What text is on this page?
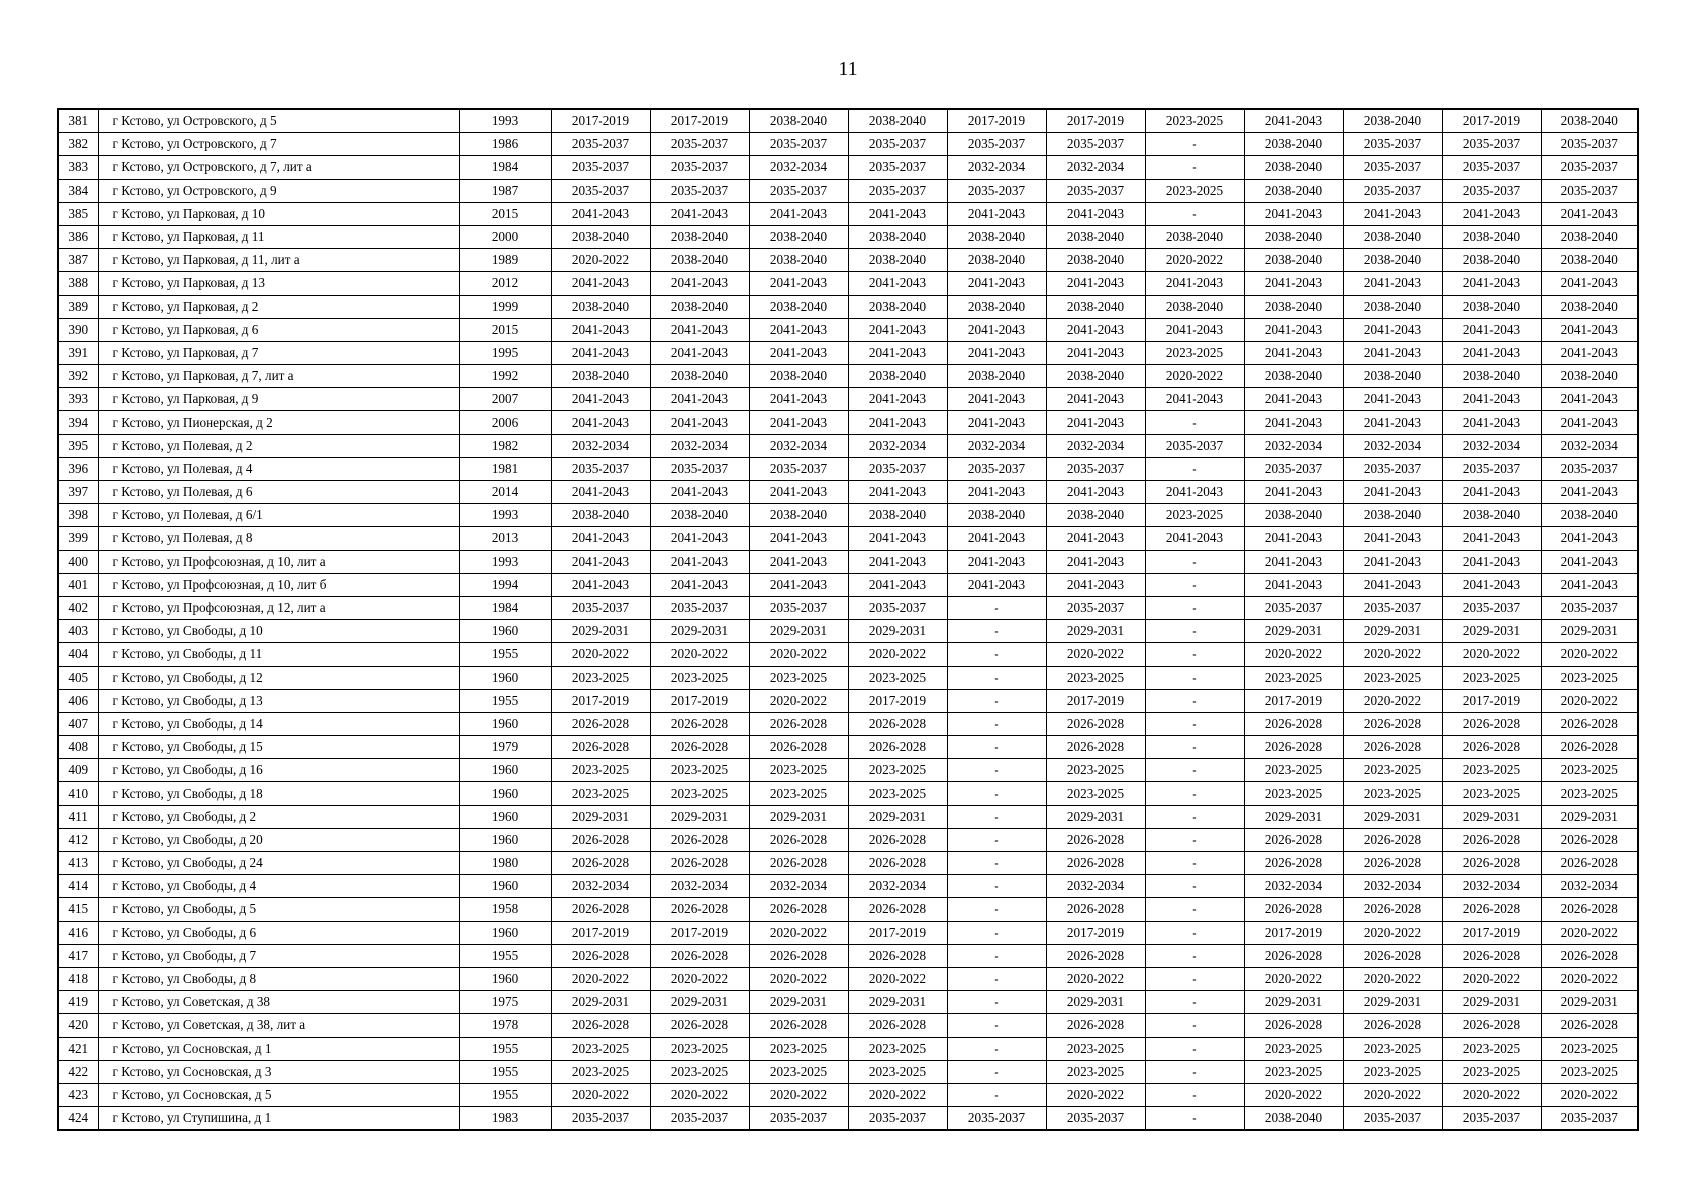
11
381	г Кстово, ул Островского, д 5	1993	2017-2019	2017-2019	2038-2040	2038-2040	2017-2019	2017-2019	2023-2025	2041-2043	2038-2040	2017-2019	2038-2040
382	г Кстово, ул Островского, д 7	1986	2035-2037	2035-2037	2035-2037	2035-2037	2035-2037	2035-2037	-	2038-2040	2035-2037	2035-2037	2035-2037
383	г Кстово, ул Островского, д 7, лит а	1984	2035-2037	2035-2037	2032-2034	2035-2037	2032-2034	2032-2034	-	2038-2040	2035-2037	2035-2037	2035-2037
384	г Кстово, ул Островского, д 9	1987	2035-2037	2035-2037	2035-2037	2035-2037	2035-2037	2035-2037	2023-2025	2038-2040	2035-2037	2035-2037	2035-2037
385	г Кстово, ул Парковая, д 10	2015	2041-2043	2041-2043	2041-2043	2041-2043	2041-2043	2041-2043	-	2041-2043	2041-2043	2041-2043	2041-2043
386	г Кстово, ул Парковая, д 11	2000	2038-2040	2038-2040	2038-2040	2038-2040	2038-2040	2038-2040	2038-2040	2038-2040	2038-2040	2038-2040	2038-2040
387	г Кстово, ул Парковая, д 11, лит а	1989	2020-2022	2038-2040	2038-2040	2038-2040	2038-2040	2038-2040	2020-2022	2038-2040	2038-2040	2038-2040	2038-2040
388	г Кстово, ул Парковая, д 13	2012	2041-2043	2041-2043	2041-2043	2041-2043	2041-2043	2041-2043	2041-2043	2041-2043	2041-2043	2041-2043	2041-2043
389	г Кстово, ул Парковая, д 2	1999	2038-2040	2038-2040	2038-2040	2038-2040	2038-2040	2038-2040	2038-2040	2038-2040	2038-2040	2038-2040	2038-2040
390	г Кстово, ул Парковая, д 6	2015	2041-2043	2041-2043	2041-2043	2041-2043	2041-2043	2041-2043	2041-2043	2041-2043	2041-2043	2041-2043	2041-2043
391	г Кстово, ул Парковая, д 7	1995	2041-2043	2041-2043	2041-2043	2041-2043	2041-2043	2041-2043	2023-2025	2041-2043	2041-2043	2041-2043	2041-2043
392	г Кстово, ул Парковая, д 7, лит а	1992	2038-2040	2038-2040	2038-2040	2038-2040	2038-2040	2038-2040	2020-2022	2038-2040	2038-2040	2038-2040	2038-2040
393	г Кстово, ул Парковая, д 9	2007	2041-2043	2041-2043	2041-2043	2041-2043	2041-2043	2041-2043	2041-2043	2041-2043	2041-2043	2041-2043	2041-2043
394	г Кстово, ул Пионерская, д 2	2006	2041-2043	2041-2043	2041-2043	2041-2043	2041-2043	2041-2043	-	2041-2043	2041-2043	2041-2043	2041-2043
395	г Кстово, ул Полевая, д 2	1982	2032-2034	2032-2034	2032-2034	2032-2034	2032-2034	2032-2034	2035-2037	2032-2034	2032-2034	2032-2034	2032-2034
396	г Кстово, ул Полевая, д 4	1981	2035-2037	2035-2037	2035-2037	2035-2037	2035-2037	2035-2037	-	2035-2037	2035-2037	2035-2037	2035-2037
397	г Кстово, ул Полевая, д 6	2014	2041-2043	2041-2043	2041-2043	2041-2043	2041-2043	2041-2043	2041-2043	2041-2043	2041-2043	2041-2043	2041-2043
398	г Кстово, ул Полевая, д 6/1	1993	2038-2040	2038-2040	2038-2040	2038-2040	2038-2040	2038-2040	2023-2025	2038-2040	2038-2040	2038-2040	2038-2040
399	г Кстово, ул Полевая, д 8	2013	2041-2043	2041-2043	2041-2043	2041-2043	2041-2043	2041-2043	2041-2043	2041-2043	2041-2043	2041-2043	2041-2043
400	г Кстово, ул Профсоюзная, д 10, лит а	1993	2041-2043	2041-2043	2041-2043	2041-2043	2041-2043	2041-2043	-	2041-2043	2041-2043	2041-2043	2041-2043
401	г Кстово, ул Профсоюзная, д 10, лит б	1994	2041-2043	2041-2043	2041-2043	2041-2043	2041-2043	2041-2043	-	2041-2043	2041-2043	2041-2043	2041-2043
402	г Кстово, ул Профсоюзная, д 12, лит а	1984	2035-2037	2035-2037	2035-2037	2035-2037	-	2035-2037	-	2035-2037	2035-2037	2035-2037	2035-2037
403	г Кстово, ул Свободы, д 10	1960	2029-2031	2029-2031	2029-2031	2029-2031	-	2029-2031	-	2029-2031	2029-2031	2029-2031	2029-2031
404	г Кстово, ул Свободы, д 11	1955	2020-2022	2020-2022	2020-2022	2020-2022	-	2020-2022	-	2020-2022	2020-2022	2020-2022	2020-2022
405	г Кстово, ул Свободы, д 12	1960	2023-2025	2023-2025	2023-2025	2023-2025	-	2023-2025	-	2023-2025	2023-2025	2023-2025	2023-2025
406	г Кстово, ул Свободы, д 13	1955	2017-2019	2017-2019	2020-2022	2017-2019	-	2017-2019	-	2017-2019	2020-2022	2017-2019	2020-2022
407	г Кстово, ул Свободы, д 14	1960	2026-2028	2026-2028	2026-2028	2026-2028	-	2026-2028	-	2026-2028	2026-2028	2026-2028	2026-2028
408	г Кстово, ул Свободы, д 15	1979	2026-2028	2026-2028	2026-2028	2026-2028	-	2026-2028	-	2026-2028	2026-2028	2026-2028	2026-2028
409	г Кстово, ул Свободы, д 16	1960	2023-2025	2023-2025	2023-2025	2023-2025	-	2023-2025	-	2023-2025	2023-2025	2023-2025	2023-2025
410	г Кстово, ул Свободы, д 18	1960	2023-2025	2023-2025	2023-2025	2023-2025	-	2023-2025	-	2023-2025	2023-2025	2023-2025	2023-2025
411	г Кстово, ул Свободы, д 2	1960	2029-2031	2029-2031	2029-2031	2029-2031	-	2029-2031	-	2029-2031	2029-2031	2029-2031	2029-2031
412	г Кстово, ул Свободы, д 20	1960	2026-2028	2026-2028	2026-2028	2026-2028	-	2026-2028	-	2026-2028	2026-2028	2026-2028	2026-2028
413	г Кстово, ул Свободы, д 24	1980	2026-2028	2026-2028	2026-2028	2026-2028	-	2026-2028	-	2026-2028	2026-2028	2026-2028	2026-2028
414	г Кстово, ул Свободы, д 4	1960	2032-2034	2032-2034	2032-2034	2032-2034	-	2032-2034	-	2032-2034	2032-2034	2032-2034	2032-2034
415	г Кстово, ул Свободы, д 5	1958	2026-2028	2026-2028	2026-2028	2026-2028	-	2026-2028	-	2026-2028	2026-2028	2026-2028	2026-2028
416	г Кстово, ул Свободы, д 6	1960	2017-2019	2017-2019	2020-2022	2017-2019	-	2017-2019	-	2017-2019	2020-2022	2017-2019	2020-2022
417	г Кстово, ул Свободы, д 7	1955	2026-2028	2026-2028	2026-2028	2026-2028	-	2026-2028	-	2026-2028	2026-2028	2026-2028	2026-2028
418	г Кстово, ул Свободы, д 8	1960	2020-2022	2020-2022	2020-2022	2020-2022	-	2020-2022	-	2020-2022	2020-2022	2020-2022	2020-2022
419	г Кстово, ул Советская, д 38	1975	2029-2031	2029-2031	2029-2031	2029-2031	-	2029-2031	-	2029-2031	2029-2031	2029-2031	2029-2031
420	г Кстово, ул Советская, д 38, лит а	1978	2026-2028	2026-2028	2026-2028	2026-2028	-	2026-2028	-	2026-2028	2026-2028	2026-2028	2026-2028
421	г Кстово, ул Сосновская, д 1	1955	2023-2025	2023-2025	2023-2025	2023-2025	-	2023-2025	-	2023-2025	2023-2025	2023-2025	2023-2025
422	г Кстово, ул Сосновская, д 3	1955	2023-2025	2023-2025	2023-2025	2023-2025	-	2023-2025	-	2023-2025	2023-2025	2023-2025	2023-2025
423	г Кстово, ул Сосновская, д 5	1955	2020-2022	2020-2022	2020-2022	2020-2022	-	2020-2022	-	2020-2022	2020-2022	2020-2022	2020-2022
424	г Кстово, ул Ступишина, д 1	1983	2035-2037	2035-2037	2035-2037	2035-2037	2035-2037	2035-2037	-	2038-2040	2035-2037	2035-2037	2035-2037
